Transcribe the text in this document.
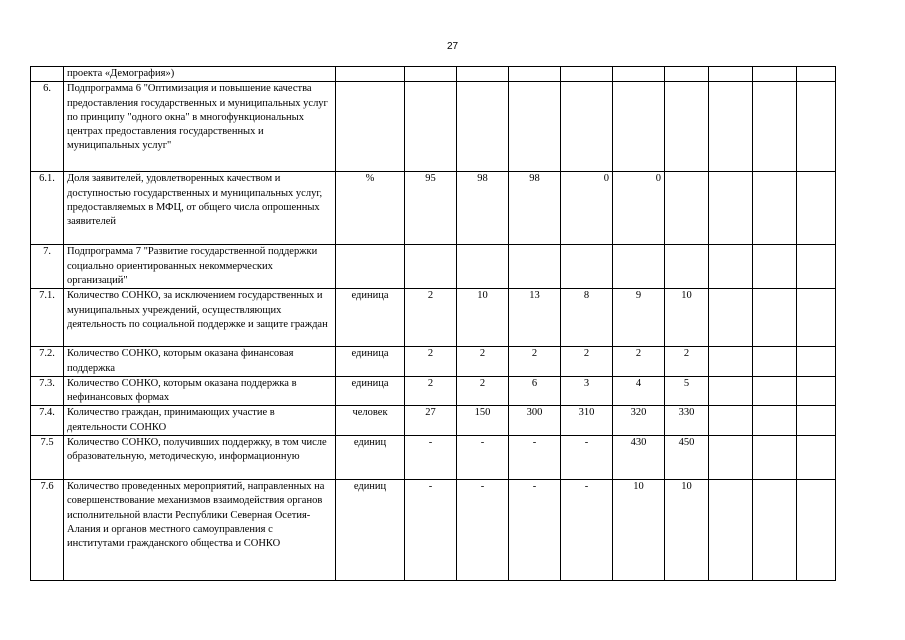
27
	проекта «Демография»)										
6.	Подпрограмма 6 "Оптимизация и повышение качества предоставления государственных и муниципальных услуг по принципу "одного окна" в многофункциональных центрах предоставления государственных и муниципальных услуг"										
6.1.	Доля заявителей, удовлетворенных качеством и доступностью государственных и муниципальных услуг, предоставляемых в МФЦ, от общего числа опрошенных заявителей	%	95	98	98	0	0				
7.	Подпрограмма 7 "Развитие государственной поддержки социально ориентированных некоммерческих организаций"										
7.1.	Количество СОНКО, за исключением государственных и муниципальных учреждений, осуществляющих деятельность по социальной поддержке и защите граждан	единица	2	10	13	8	9	10			
7.2.	Количество СОНКО, которым оказана финансовая поддержка	единица	2	2	2	2	2	2			
7.3.	Количество СОНКО, которым оказана поддержка в нефинансовых формах	единица	2	2	6	3	4	5			
7.4.	Количество граждан, принимающих участие в деятельности СОНКО	человек	27	150	300	310	320	330			
7.5	Количество СОНКО, получивших поддержку, в том числе образовательную, методическую, информационную	единиц	-	-	-	-	430	450			
7.6	Количество проведенных мероприятий, направленных на совершенствование механизмов взаимодействия органов исполнительной власти Республики Северная Осетия-Алания и органов местного самоуправления с институтами гражданского общества и СОНКО	единиц	-	-	-	-	10	10			
